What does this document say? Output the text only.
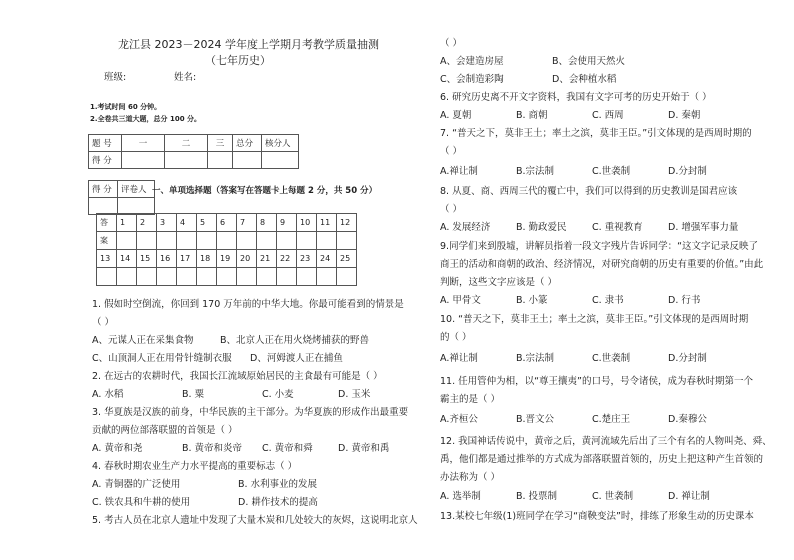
龙江县 2023－2024 学年度上学期月考教学质量抽测
（七年历史）
班级:	姓名:
1.考试时间 60 分钟。
2.全卷共三道大题，总分 100 分。
题 号	一	二	三	总分	核分人
得 分					
得 分	评卷人
	一、单项选择题（答案写在答题卡上每题 2 分，共 50 分）
答	1	2	3	4	5	6	7	8	9	10	11	12
案												
13	14	15	16	17	18	19	20	21	22	23	24	25

1. 假如时空倒流，你回到 170 万年前的中华大地。你最可能看到的情景是
（ ）
A、元谋人正在采集食物	B、北京人正在用火烧烤捕获的野兽
C、山顶洞人正在用骨针缝制衣服	D、河姆渡人正在捕鱼
2. 在远古的农耕时代，我国长江流域原始居民的主食最有可能是（ ）
A. 水稻	B. 粟	C. 小麦	D. 玉米
3. 华夏族是汉族的前身，中华民族的主干部分。为华夏族的形成作出最重要
贡献的两位部落联盟的首领是（ ）
A. 黄帝和尧	B. 黄帝和炎帝	C. 黄帝和舜	D. 黄帝和禹
4. 春秋时期农业生产力水平提高的重要标志（ ）
A. 青铜器的广泛使用	B. 水利事业的发展
C. 铁农具和牛耕的使用	D. 耕作技术的提高
5. 考古人员在北京人遗址中发现了大量木炭和几处较大的灰烬，这说明北京人
（ ）
A、会建造房屋	B、会使用天然火
C、会制造彩陶	D、会种植水稻
6. 研究历史离不开文字资料，我国有文字可考的历史开始于（ ）
A. 夏朝	B. 商朝	C. 西周	D. 秦朝
7. “普天之下，莫非王土；率土之滨，莫非王臣。”引文体现的是西周时期的
（ ）
A.禅让制	B.宗法制	C.世袭制	D.分封制
8. 从夏、商、西周三代的覆亡中，我们可以得到的历史教训是国君应该
（ ）
A. 发展经济	B. 勤政爱民	C. 重视教育	D. 增强军事力量
9.同学们来到殷墟，讲解员指着一段文字残片告诉同学：“这文字记录反映了
商王的活动和商朝的政治、经济情况，对研究商朝的历史有重要的价值。”由此
判断，这些文字应该是（ ）
A. 甲骨文	B. 小篆	C. 隶书	D. 行书
10. “普天之下，莫非王土；率土之滨，莫非王臣。”引文体现的是西周时期
的（ ）
A.禅让制	B.宗法制	C.世袭制	D.分封制
11. 任用管仲为相，以“尊王攘夷”的口号，号令诸侯，成为春秋时期第一个
霸主的是（ ）
A.齐桓公	B.晋文公	C.楚庄王	D.秦穆公
12. 我国神话传说中，黄帝之后，黄河流域先后出了三个有名的人物叫尧、舜、
禹，他们都是通过推举的方式成为部落联盟首领的，历史上把这种产生首领的
办法称为（ ）
A. 选举制	B. 投票制	C. 世袭制	D. 禅让制
13.某校七年级(1)班同学在学习“商鞅变法”时，排练了形象生动的历史课本
